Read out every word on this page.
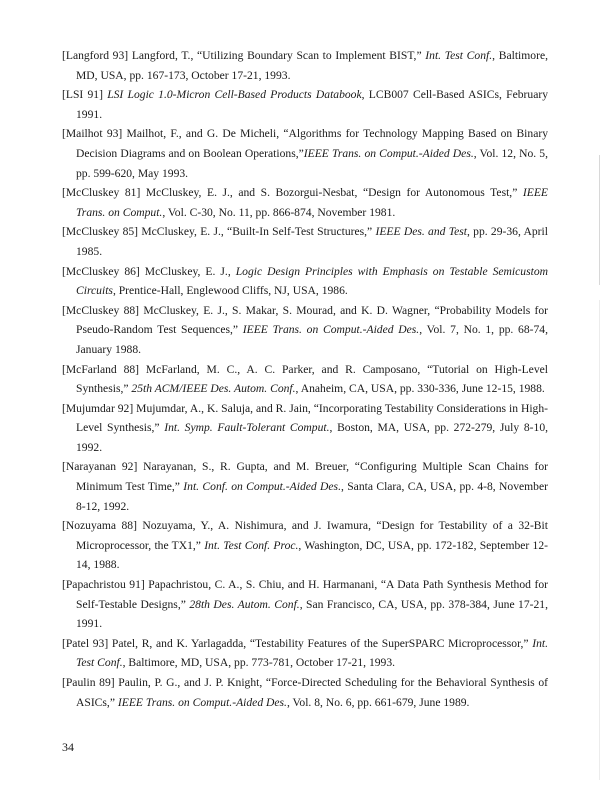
[Langford 93] Langford, T., “Utilizing Boundary Scan to Implement BIST,” Int. Test Conf., Baltimore, MD, USA, pp. 167-173, October 17-21, 1993.

[LSI 91] LSI Logic 1.0-Micron Cell-Based Products Databook, LCB007 Cell-Based ASICs, February 1991.

[Mailhot 93] Mailhot, F., and G. De Micheli, “Algorithms for Technology Mapping Based on Binary Decision Diagrams and on Boolean Operations,”IEEE Trans. on Comput.-Aided Des., Vol. 12, No. 5, pp. 599-620, May 1993.

[McCluskey 81] McCluskey, E. J., and S. Bozorgui-Nesbat, “Design for Autonomous Test,” IEEE Trans. on Comput., Vol. C-30, No. 11, pp. 866-874, November 1981.

[McCluskey 85] McCluskey, E. J., “Built-In Self-Test Structures,” IEEE Des. and Test, pp. 29-36, April 1985.

[McCluskey 86] McCluskey, E. J., Logic Design Principles with Emphasis on Testable Semicustom Circuits, Prentice-Hall, Englewood Cliffs, NJ, USA, 1986.

[McCluskey 88] McCluskey, E. J., S. Makar, S. Mourad, and K. D. Wagner, “Probability Models for Pseudo-Random Test Sequences,” IEEE Trans. on Comput.-Aided Des., Vol. 7, No. 1, pp. 68-74, January 1988.

[McFarland 88] McFarland, M. C., A. C. Parker, and R. Camposano, “Tutorial on High-Level Synthesis,” 25th ACM/IEEE Des. Autom. Conf., Anaheim, CA, USA, pp. 330-336, June 12-15, 1988.

[Mujumdar 92] Mujumdar, A., K. Saluja, and R. Jain, “Incorporating Testability Considerations in High-Level Synthesis,” Int. Symp. Fault-Tolerant Comput., Boston, MA, USA, pp. 272-279, July 8-10, 1992.

[Narayanan 92] Narayanan, S., R. Gupta, and M. Breuer, “Configuring Multiple Scan Chains for Minimum Test Time,” Int. Conf. on Comput.-Aided Des., Santa Clara, CA, USA, pp. 4-8, November 8-12, 1992.

[Nozuyama 88] Nozuyama, Y., A. Nishimura, and J. Iwamura, “Design for Testability of a 32-Bit Microprocessor, the TX1,” Int. Test Conf. Proc., Washington, DC, USA, pp. 172-182, September 12-14, 1988.

[Papachristou 91] Papachristou, C. A., S. Chiu, and H. Harmanani, “A Data Path Synthesis Method for Self-Testable Designs,” 28th Des. Autom. Conf., San Francisco, CA, USA, pp. 378-384, June 17-21, 1991.

[Patel 93] Patel, R, and K. Yarlagadda, “Testability Features of the SuperSPARC Microprocessor,” Int. Test Conf., Baltimore, MD, USA, pp. 773-781, October 17-21, 1993.

[Paulin 89] Paulin, P. G., and J. P. Knight, “Force-Directed Scheduling for the Behavioral Synthesis of ASICs,” IEEE Trans. on Comput.-Aided Des., Vol. 8, No. 6, pp. 661-679, June 1989.

34
